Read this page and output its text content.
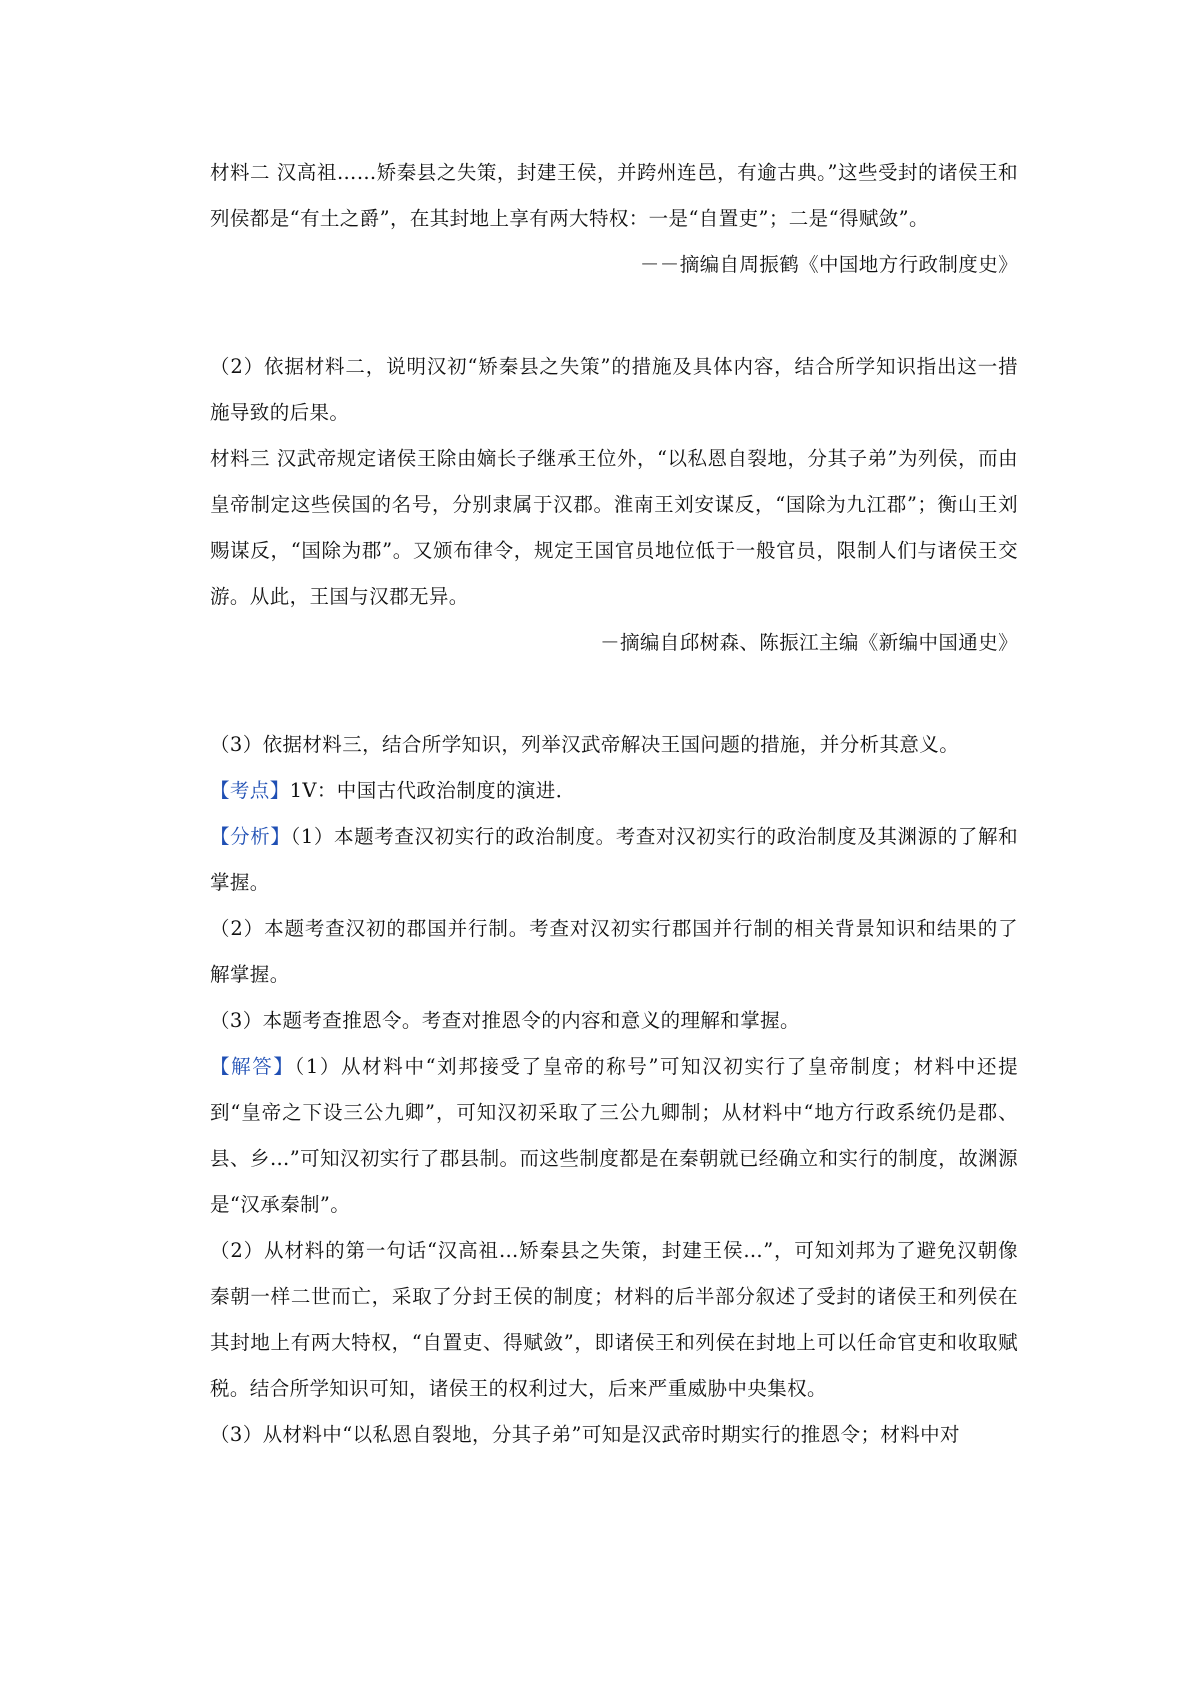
材料二 汉高祖……矫秦县之失策，封建王侯，并跨州连邑，有逾古典。”这些受封的诸侯王和列侯都是“有土之爵”，在其封地上享有两大特权：一是“自置吏”；二是“得赋敛”。

－－摘编自周振鹤《中国地方行政制度史》

（2）依据材料二，说明汉初“矫秦县之失策”的措施及具体内容，结合所学知识指出这一措施导致的后果。

材料三 汉武帝规定诸侯王除由嫡长子继承王位外，“以私恩自裂地，分其子弟”为列侯，而由皇帝制定这些侯国的名号，分别隶属于汉郡。淮南王刘安谋反，“国除为九江郡”；衡山王刘赐谋反，“国除为郡”。又颁布律令，规定王国官员地位低于一般官员，限制人们与诸侯王交游。从此，王国与汉郡无异。

－摘编自邱树森、陈振江主编《新编中国通史》

（3）依据材料三，结合所学知识，列举汉武帝解决王国问题的措施，并分析其意义。

【考点】1V：中国古代政治制度的演进．

【分析】（1）本题考查汉初实行的政治制度。考查对汉初实行的政治制度及其渊源的了解和掌握。

（2）本题考查汉初的郡国并行制。考查对汉初实行郡国并行制的相关背景知识和结果的了解掌握。

（3）本题考查推恩令。考查对推恩令的内容和意义的理解和掌握。

【解答】（1）从材料中“刘邦接受了皇帝的称号”可知汉初实行了皇帝制度；材料中还提到“皇帝之下设三公九卿”，可知汉初采取了三公九卿制；从材料中“地方行政系统仍是郡、县、乡…”可知汉初实行了郡县制。而这些制度都是在秦朝就已经确立和实行的制度，故渊源是“汉承秦制”。

（2）从材料的第一句话“汉高祖…矫秦县之失策，封建王侯…”，可知刘邦为了避免汉朝像秦朝一样二世而亡，采取了分封王侯的制度；材料的后半部分叙述了受封的诸侯王和列侯在其封地上有两大特权，“自置吏、得赋敛”，即诸侯王和列侯在封地上可以任命官吏和收取赋税。结合所学知识可知，诸侯王的权利过大，后来严重威胁中央集权。

（3）从材料中“以私恩自裂地，分其子弟”可知是汉武帝时期实行的推恩令；材料中对
